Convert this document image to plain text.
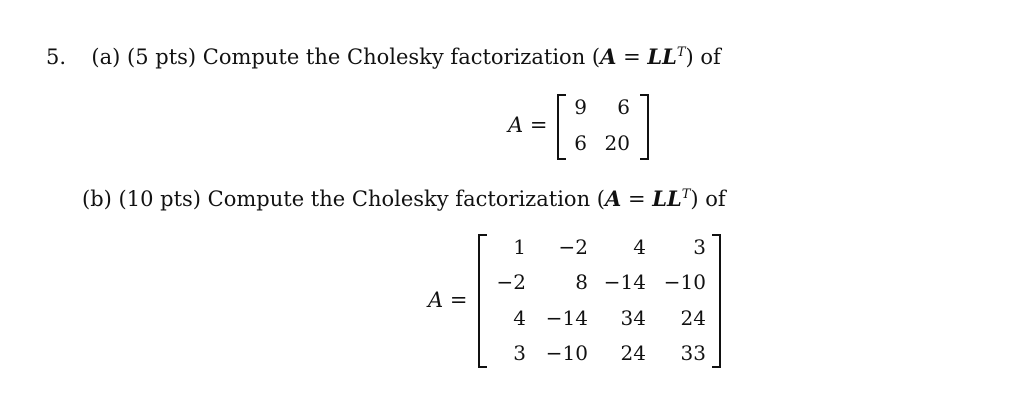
5. (a) (5 pts) Compute the Cholesky factorization $(A = LL^T)$ of
A =
9	6
6 20
(b) (10 pts) Compute the Cholesky factorization $(A = LL^T)$ of
A =
1	−2	4	3
−2	8 −14 −10
4 −14	34	24
3 −10	24	33
